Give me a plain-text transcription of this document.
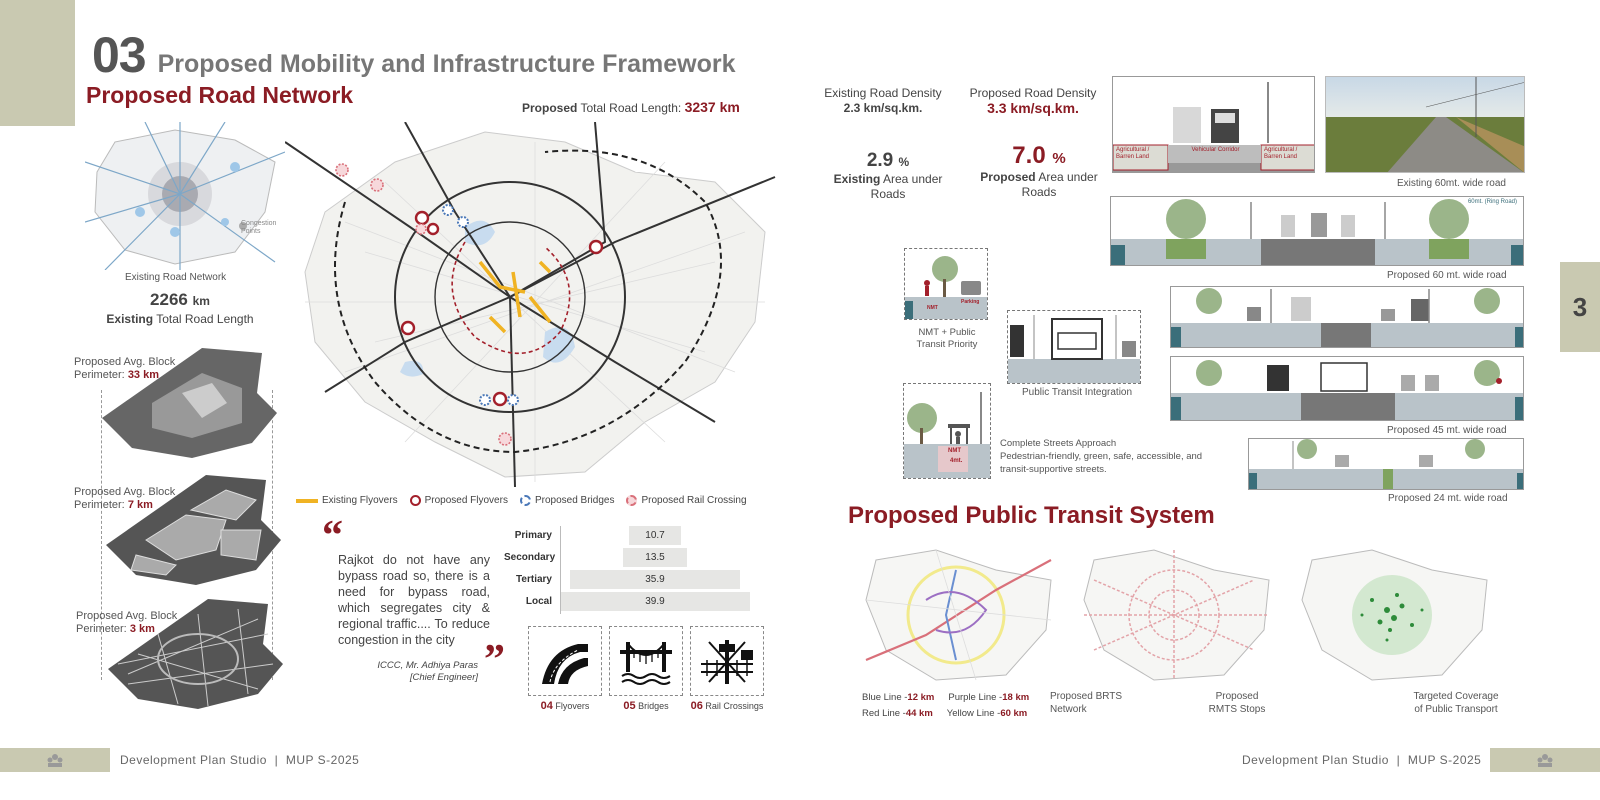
3
03 Proposed Mobility and Infrastructure Framework
Proposed Road Network	Proposed Total Road Length: 3237 km
Congestion Points
Existing Road Network
2266 km
Existing Total Road Length
Proposed Avg. Block Perimeter: 33 km
Proposed Avg. Block Perimeter: 7 km
Proposed Avg. Block Perimeter: 3 km
Existing Flyovers	Proposed Flyovers	Proposed Bridges	Proposed Rail Crossing
“
Rajkot do not have any bypass road so, there is a need for bypass road, which segregates city & regional traffic.... To reduce congestion in the city ”
ICCC, Mr. Adhiya Paras
[Chief Engineer]
Primary	10.7
Secondary	13.5
Tertiary	35.9
Local	39.9
04 Flyovers	05 Bridges	06 Rail Crossings
Existing Road Density
2.3 km/sq.km.
Proposed Road Density
3.3 km/sq.km.
2.9 %
Existing Area under Roads
7.0 %
Proposed Area under Roads
Agricultural / Barren Land
Vehicular Corridor	Agricultural / Barren Land
Existing 60mt. wide road
60mt. (Ring Road)
Proposed 60 mt. wide road
NMT
Parking
NMT + Public Transit Priority
Public Transit Integration
Proposed 45 mt. wide road
NMT
4mt.
Complete Streets Approach
Pedestrian-friendly, green, safe, accessible, and transit-supportive streets.
Proposed 24 mt. wide road
Proposed Public Transit System
Blue Line -12 km Purple Line -18 km
Red Line -44 km Yellow Line -60 km
Proposed BRTS Network
Proposed RMTS Stops
Targeted Coverage of Public Transport
Development Plan Studio  |  MUP S-2025	Development Plan Studio  |  MUP S-2025
